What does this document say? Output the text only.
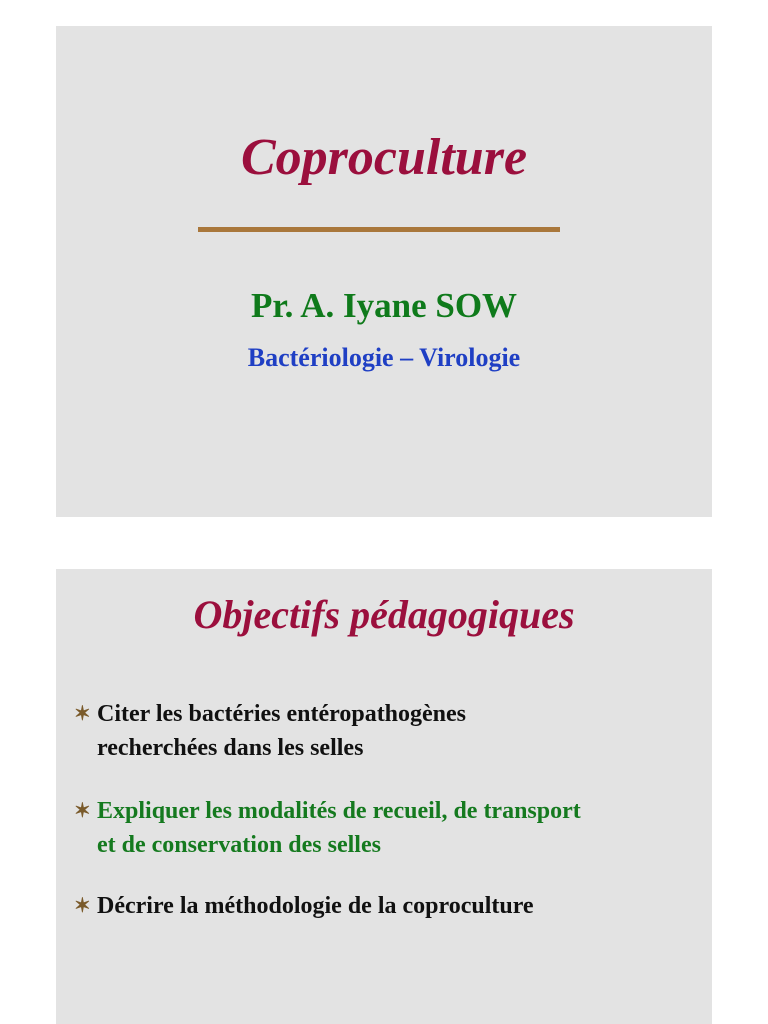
Coproculture
Pr. A. Iyane SOW
Bactériologie – Virologie
Objectifs pédagogiques
✶ Citer les bactéries entéropathogènes
recherchées dans les selles
✶ Expliquer les modalités de recueil, de transport
et de conservation des selles
✶ Décrire la méthodologie de la coproculture
